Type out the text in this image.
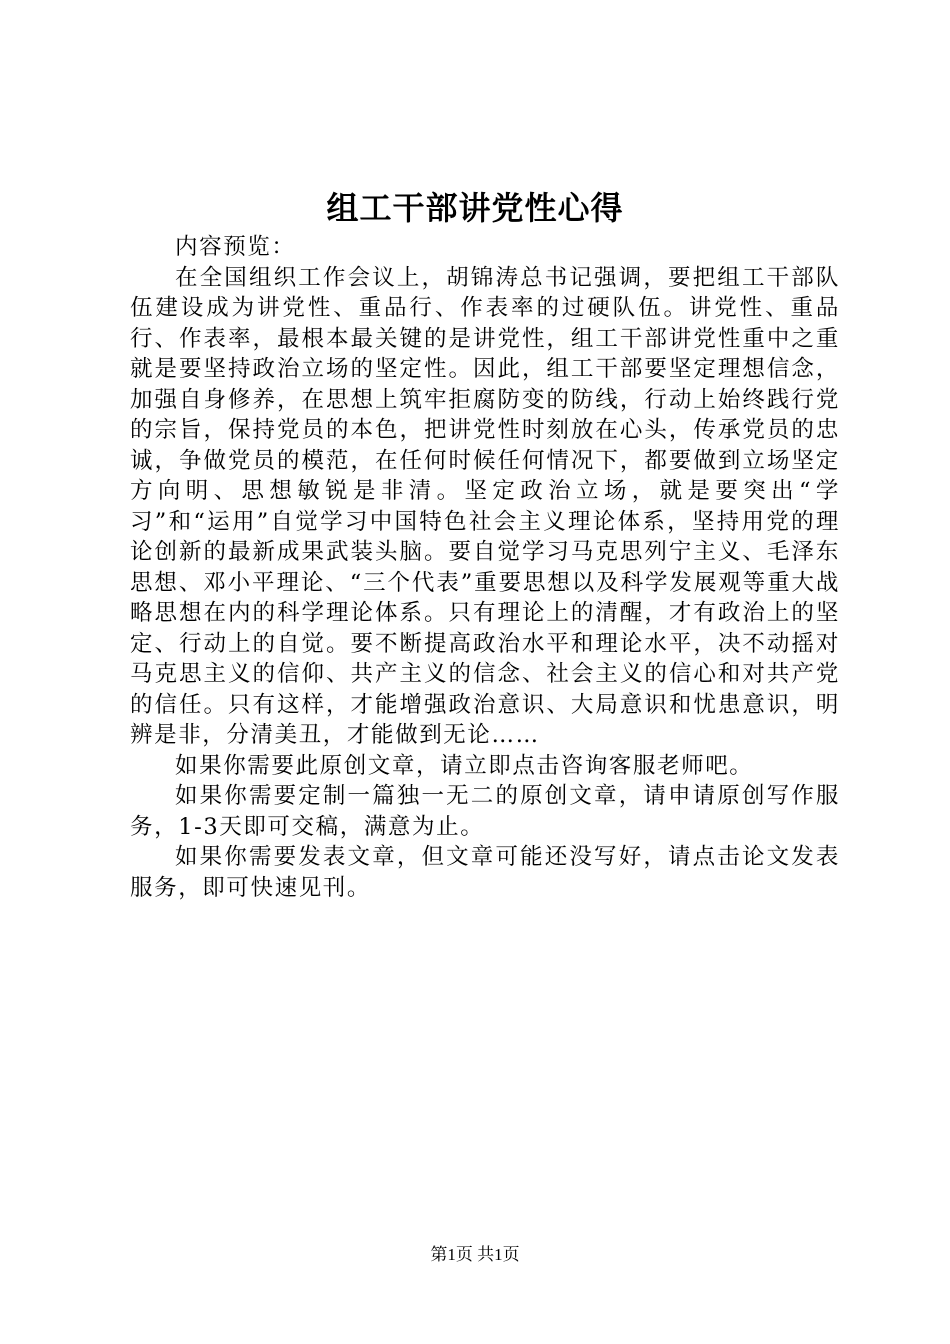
组工干部讲党性心得

内容预览：

在全国组织工作会议上，胡锦涛总书记强调，要把组工干部队伍建设成为讲党性、重品行、作表率的过硬队伍。讲党性、重品行、作表率，最根本最关键的是讲党性，组工干部讲党性重中之重就是要坚持政治立场的坚定性。因此，组工干部要坚定理想信念，加强自身修养，在思想上筑牢拒腐防变的防线，行动上始终践行党的宗旨，保持党员的本色，把讲党性时刻放在心头，传承党员的忠诚，争做党员的模范，在任何时候任何情况下，都要做到立场坚定方向明、思想敏锐是非清。坚定政治立场，就是要突出“学习”和“运用”自觉学习中国特色社会主义理论体系，坚持用党的理论创新的最新成果武装头脑。要自觉学习马克思列宁主义、毛泽东思想、邓小平理论、“三个代表”重要思想以及科学发展观等重大战略思想在内的科学理论体系。只有理论上的清醒，才有政治上的坚定、行动上的自觉。要不断提高政治水平和理论水平，决不动摇对马克思主义的信仰、共产主义的信念、社会主义的信心和对共产党的信任。只有这样，才能增强政治意识、大局意识和忧患意识，明辨是非，分清美丑，才能做到无论……

如果你需要此原创文章，请立即点击咨询客服老师吧。

如果你需要定制一篇独一无二的原创文章，请申请原创写作服务，1-3天即可交稿，满意为止。

如果你需要发表文章，但文章可能还没写好，请点击论文发表服务，即可快速见刊。

第1页 共1页
